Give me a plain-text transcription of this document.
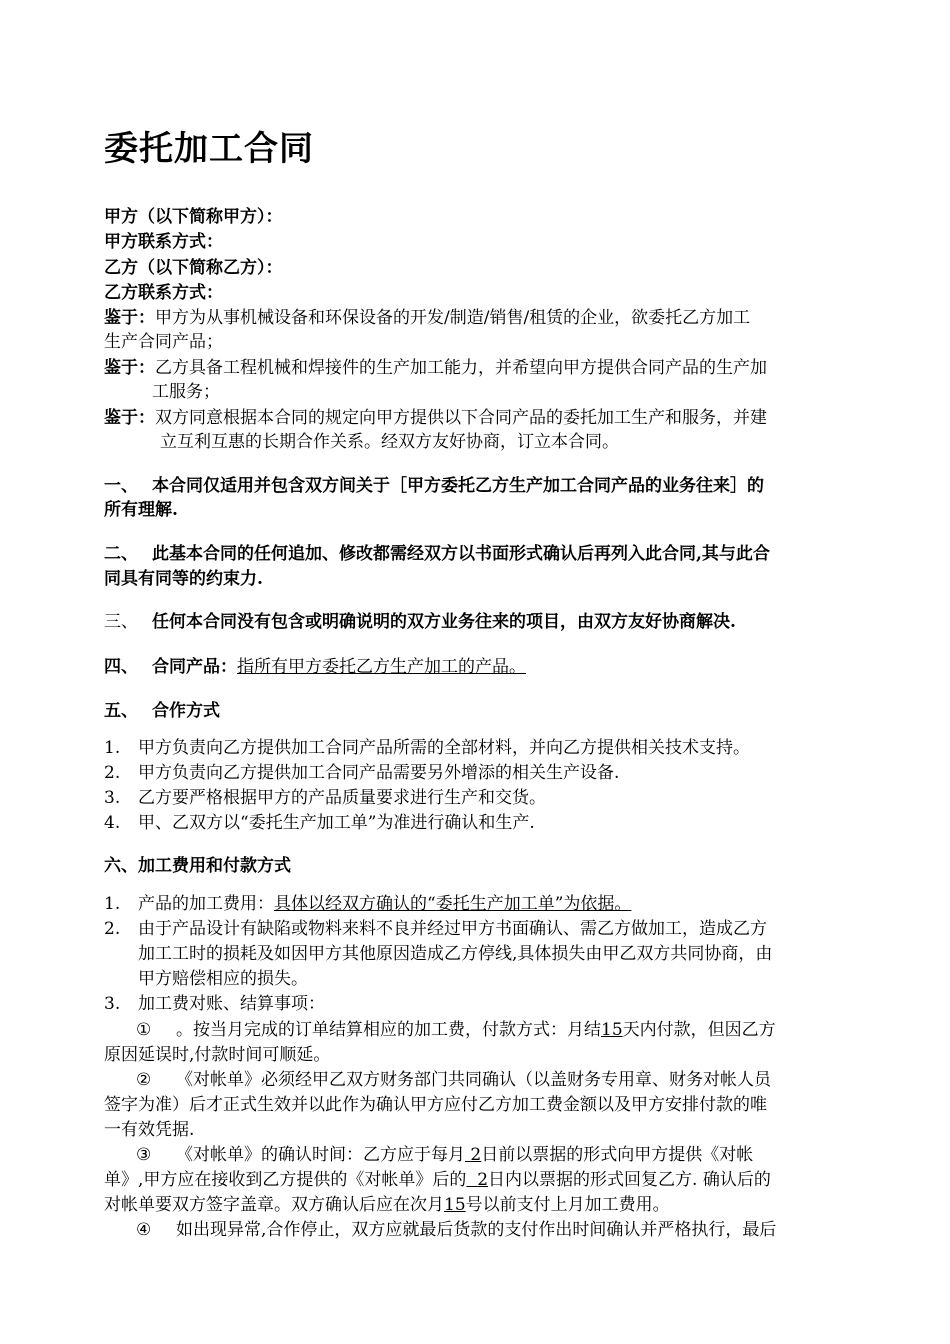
委托加工合同
甲方（以下简称甲方）：
甲方联系方式：
乙方（以下简称乙方）：
乙方联系方式：
鉴于：甲方为从事机械设备和环保设备的开发/制造/销售/租赁的企业，欲委托乙方加工
生产合同产品；
鉴于：乙方具备工程机械和焊接件的生产加工能力，并希望向甲方提供合同产品的生产加
工服务；
鉴于：双方同意根据本合同的规定向甲方提供以下合同产品的委托加工生产和服务，并建
立互利互惠的长期合作关系。经双方友好协商，订立本合同。
一、 本合同仅适用并包含双方间关于［甲方委托乙方生产加工合同产品的业务往来］的
所有理解.
二、 此基本合同的任何追加、修改都需经双方以书面形式确认后再列入此合同,其与此合
同具有同等的约束力.
三、 任何本合同没有包含或明确说明的双方业务往来的项目，由双方友好协商解决.
四、 合同产品：指所有甲方委托乙方生产加工的产品。
五、 合作方式
1. 甲方负责向乙方提供加工合同产品所需的全部材料，并向乙方提供相关技术支持。
2. 甲方负责向乙方提供加工合同产品需要另外增添的相关生产设备.
3. 乙方要严格根据甲方的产品质量要求进行生产和交货。
4. 甲、乙双方以“委托生产加工单”为准进行确认和生产.
六、加工费用和付款方式
1. 产品的加工费用：具体以经双方确认的“委托生产加工单”为依据。
2. 由于产品设计有缺陷或物料来料不良并经过甲方书面确认、需乙方做加工，造成乙方
加工工时的损耗及如因甲方其他原因造成乙方停线,具体损失由甲乙双方共同协商，由
甲方赔偿相应的损失。
3. 加工费对账、结算事项：
① 。按当月完成的订单结算相应的加工费，付款方式：月结15天内付款，但因乙方
原因延误时,付款时间可顺延。
② 《对帐单》必须经甲乙双方财务部门共同确认（以盖财务专用章、财务对帐人员
签字为准）后才正式生效并以此作为确认甲方应付乙方加工费金额以及甲方安排付款的唯
一有效凭据.
③ 《对帐单》的确认时间：乙方应于每月 2日前以票据的形式向甲方提供《对帐
单》,甲方应在接收到乙方提供的《对帐单》后的 2日内以票据的形式回复乙方. 确认后的
对帐单要双方签字盖章。双方确认后应在次月15号以前支付上月加工费用。
④ 如出现异常,合作停止，双方应就最后货款的支付作出时间确认并严格执行，最后
